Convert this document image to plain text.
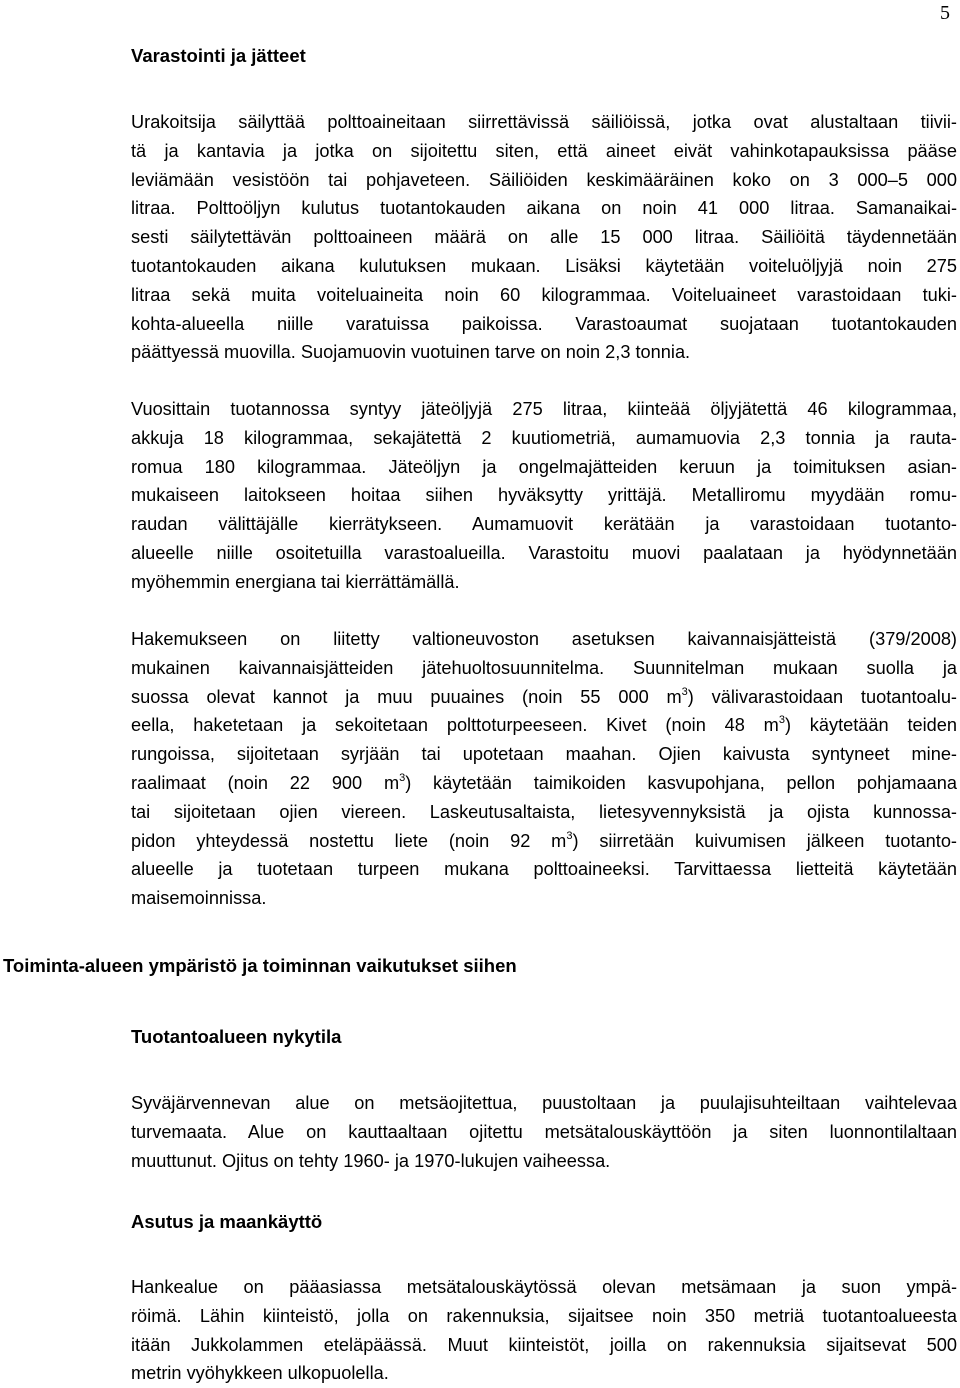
5
Varastointi ja jätteet
Urakoitsija säilyttää polttoaineitaan siirrettävissä säiliöissä, jotka ovat alustaltaan tiivii-
tä ja kantavia ja jotka on sijoitettu siten, että aineet eivät vahinkotapauksissa pääse
leviämään vesistöön tai pohjaveteen. Säiliöiden keskimääräinen koko on 3 000–5 000
litraa. Polttoöljyn kulutus tuotantokauden aikana on noin 41 000 litraa. Samanaikai-
sesti säilytettävän polttoaineen määrä on alle 15 000 litraa. Säiliöitä täydennetään
tuotantokauden aikana kulutuksen mukaan. Lisäksi käytetään voiteluöljyjä noin 275
litraa sekä muita voiteluaineita noin 60 kilogrammaa. Voiteluaineet varastoidaan tuki-
kohta-alueella niille varatuissa paikoissa. Varastoaumat suojataan tuotantokauden
päättyessä muovilla. Suojamuovin vuotuinen tarve on noin 2,3 tonnia.
Vuosittain tuotannossa syntyy jäteöljyjä 275 litraa, kiinteää öljyjätettä 46 kilogrammaa,
akkuja 18 kilogrammaa, sekajätettä 2 kuutiometriä, aumamuovia 2,3 tonnia ja rauta-
romua 180 kilogrammaa. Jäteöljyn ja ongelmajätteiden keruun ja toimituksen asian-
mukaiseen laitokseen hoitaa siihen hyväksytty yrittäjä. Metalliromu myydään romu-
raudan välittäjälle kierrätykseen. Aumamuovit kerätään ja varastoidaan tuotanto-
alueelle niille osoitetuilla varastoalueilla. Varastoitu muovi paalataan ja hyödynnetään
myöhemmin energiana tai kierrättämällä.
Hakemukseen on liitetty valtioneuvoston asetuksen kaivannaisjätteistä (379/2008)
mukainen kaivannaisjätteiden jätehuoltosuunnitelma. Suunnitelman mukaan suolla ja
suossa olevat kannot ja muu puuaines (noin 55 000 $m^3$) välivarastoidaan tuotantoalu-
eella, haketetaan ja sekoitetaan polttoturpeeseen. Kivet (noin 48 $m^3$) käytetään teiden
rungoissa, sijoitetaan syrjään tai upotetaan maahan. Ojien kaivusta syntyneet mine-
raalimaat (noin 22 900 $m^3$) käytetään taimikoiden kasvupohjana, pellon pohjamaana
tai sijoitetaan ojien viereen. Laskeutusaltaista, lietesyvennyksistä ja ojista kunnossa-
pidon yhteydessä nostettu liete (noin 92 $m^3$) siirretään kuivumisen jälkeen tuotanto-
alueelle ja tuotetaan turpeen mukana polttoaineeksi. Tarvittaessa lietteitä käytetään
maisemoinnissa.
Toiminta-alueen ympäristö ja toiminnan vaikutukset siihen
Tuotantoalueen nykytila
Syväjärvennevan alue on metsäojitettua, puustoltaan ja puulajisuhteiltaan vaihtelevaa
turvemaata. Alue on kauttaaltaan ojitettu metsätalouskäyttöön ja siten luonnontilaltaan
muuttunut. Ojitus on tehty 1960- ja 1970-lukujen vaiheessa.
Asutus ja maankäyttö
Hankealue on pääasiassa metsätalouskäytössä olevan metsämaan ja suon ympä-
röimä. Lähin kiinteistö, jolla on rakennuksia, sijaitsee noin 350 metriä tuotantoalueesta
itään Jukkolammen eteläpäässä. Muut kiinteistöt, joilla on rakennuksia sijaitsevat 500
metrin vyöhykkeen ulkopuolella.
